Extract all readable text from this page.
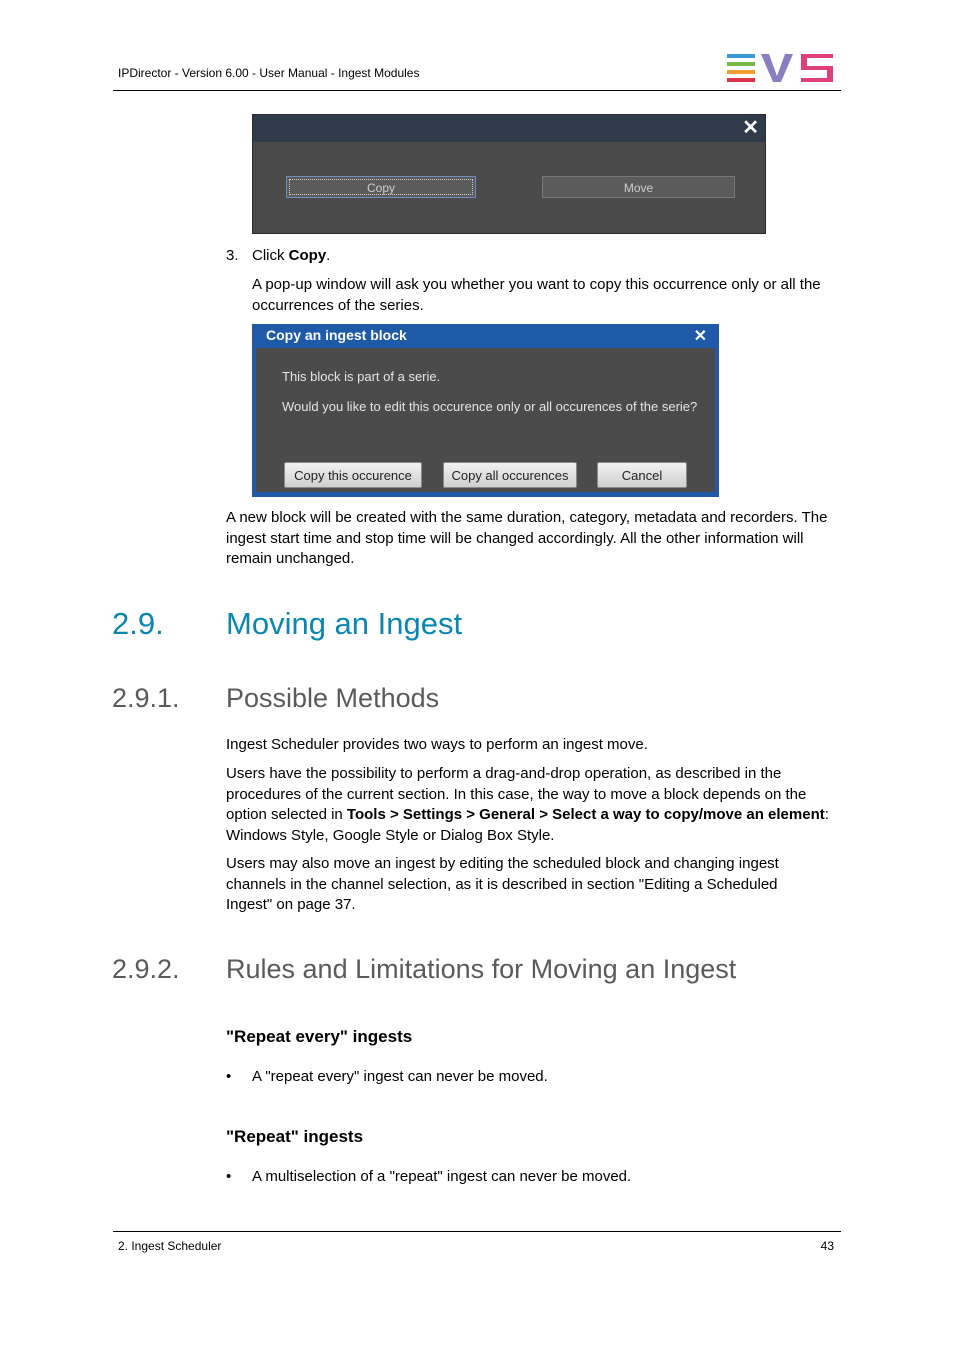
IPDirector - Version 6.00 - User Manual - Ingest Modules
✕
Copy	Move
3. Click Copy.
A pop-up window will ask you whether you want to copy this occurrence only or all the occurrences of the series.
Copy an ingest block	✕
This block is part of a serie.
Would you like to edit this occurence only or all occurences of the serie?
Copy this occurence	Copy all occurences	Cancel
A new block will be created with the same duration, category, metadata and recorders. The ingest start time and stop time will be changed accordingly. All the other information will remain unchanged.
2.9. Moving an Ingest
2.9.1. Possible Methods
Ingest Scheduler provides two ways to perform an ingest move.
Users have the possibility to perform a drag-and-drop operation, as described in the procedures of the current section. In this case, the way to move a block depends on the option selected in Tools > Settings > General > Select a way to copy/move an element: Windows Style, Google Style or Dialog Box Style.
Users may also move an ingest by editing the scheduled block and changing ingest channels in the channel selection, as it is described in section "Editing a Scheduled Ingest" on page 37.
2.9.2. Rules and Limitations for Moving an Ingest
"Repeat every" ingests
• A "repeat every" ingest can never be moved.
"Repeat" ingests
• A multiselection of a "repeat" ingest can never be moved.
2. Ingest Scheduler	43
